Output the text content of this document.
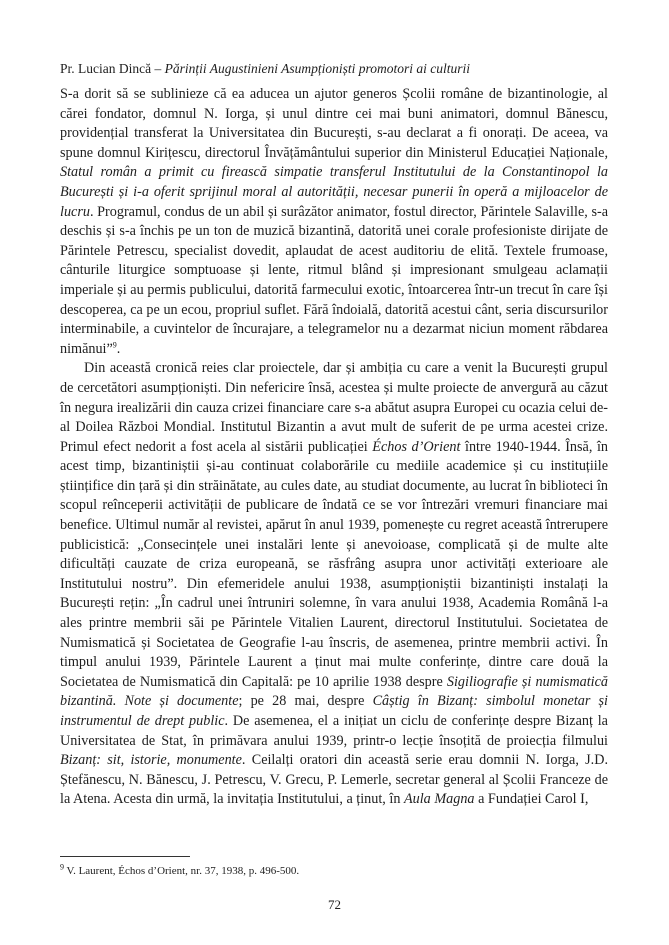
Pr. Lucian Dincă – Părinții Augustinieni Asumpționiști promotori ai culturii

S-a dorit să se sublinieze că ea aducea un ajutor generos Școlii române de bizantinologie, al cărei fondator, domnul N. Iorga, și unul dintre cei mai buni animatori, domnul Bănescu, providențial transferat la Universitatea din București, s-au declarat a fi onorați. De aceea, va spune domnul Kirițescu, directorul Învățământului superior din Ministerul Educației Naționale, Statul român a primit cu firească simpatie transferul Institutului de la Constantinopol la București și i-a oferit sprijinul moral al autorității, necesar punerii în operă a mijloacelor de lucru. Programul, condus de un abil și surâzător animator, fostul director, Părintele Salaville, s-a deschis și s-a închis pe un ton de muzică bizantină, datorită unei corale profesioniste dirijate de Părintele Petrescu, specialist dovedit, aplaudat de acest auditoriu de elită. Textele frumoase, cânturile liturgice somptuoase și lente, ritmul blând și impresionant smulgeau aclamații imperiale și au permis publicului, datorită farmecului exotic, întoarcerea într-un trecut în care își descoperea, ca pe un ecou, propriul suflet. Fără îndoială, datorită acestui cânt, seria discursurilor interminabile, a cuvintelor de încurajare, a telegramelor nu a dezarmat niciun moment răbdarea nimănui”$^9$.

Din această cronică reies clar proiectele, dar și ambiția cu care a venit la București grupul de cercetători asumpționiști. Din nefericire însă, acestea și multe proiecte de anvergură au căzut în negura irealizării din cauza crizei financiare care s-a abătut asupra Europei cu ocazia celui de-al Doilea Război Mondial. Institutul Bizantin a avut mult de suferit de pe urma acestei crize. Primul efect nedorit a fost acela al sistării publicației Échos d’Orient între 1940-1944. Însă, în acest timp, bizantiniștii și-au continuat colaborările cu mediile academice și cu instituțiile științifice din țară și din străinătate, au cules date, au studiat documente, au lucrat în biblioteci în scopul reînceperii activității de publicare de îndată ce se vor întrezări vremuri financiare mai benefice. Ultimul număr al revistei, apărut în anul 1939, pomenește cu regret această întrerupere publicistică: „Consecințele unei instalări lente și anevoioase, complicată și de multe alte dificultăți cauzate de criza europeană, se răsfrâng asupra unor activități exterioare ale Institutului nostru”. Din efemeridele anului 1938, asumpționiștii bizantiniști instalați la București rețin: „În cadrul unei întruniri solemne, în vara anului 1938, Academia Română l-a ales printre membrii săi pe Părintele Vitalien Laurent, directorul Institutului. Societatea de Numismatică și Societatea de Geografie l-au înscris, de asemenea, printre membrii activi. În timpul anului 1939, Părintele Laurent a ținut mai multe conferințe, dintre care două la Societatea de Numismatică din Capitală: pe 10 aprilie 1938 despre Sigiliografie și numismatică bizantină. Note și documente; pe 28 mai, despre Câștig în Bizanț: simbolul monetar și instrumentul de drept public. De asemenea, el a inițiat un ciclu de conferințe despre Bizanț la Universitatea de Stat, în primăvara anului 1939, printr-o lecție însoțită de proiecția filmului Bizanț: sit, istorie, monumente. Ceilalți oratori din această serie erau domnii N. Iorga, J.D. Ștefănescu, N. Bănescu, J. Petrescu, V. Grecu, P. Lemerle, secretar general al Școlii Franceze de la Atena. Acesta din urmă, la invitația Institutului, a ținut, în Aula Magna a Fundației Carol I,

$^9$ V. Laurent, Échos d’Orient, nr. 37, 1938, p. 496-500.
72
